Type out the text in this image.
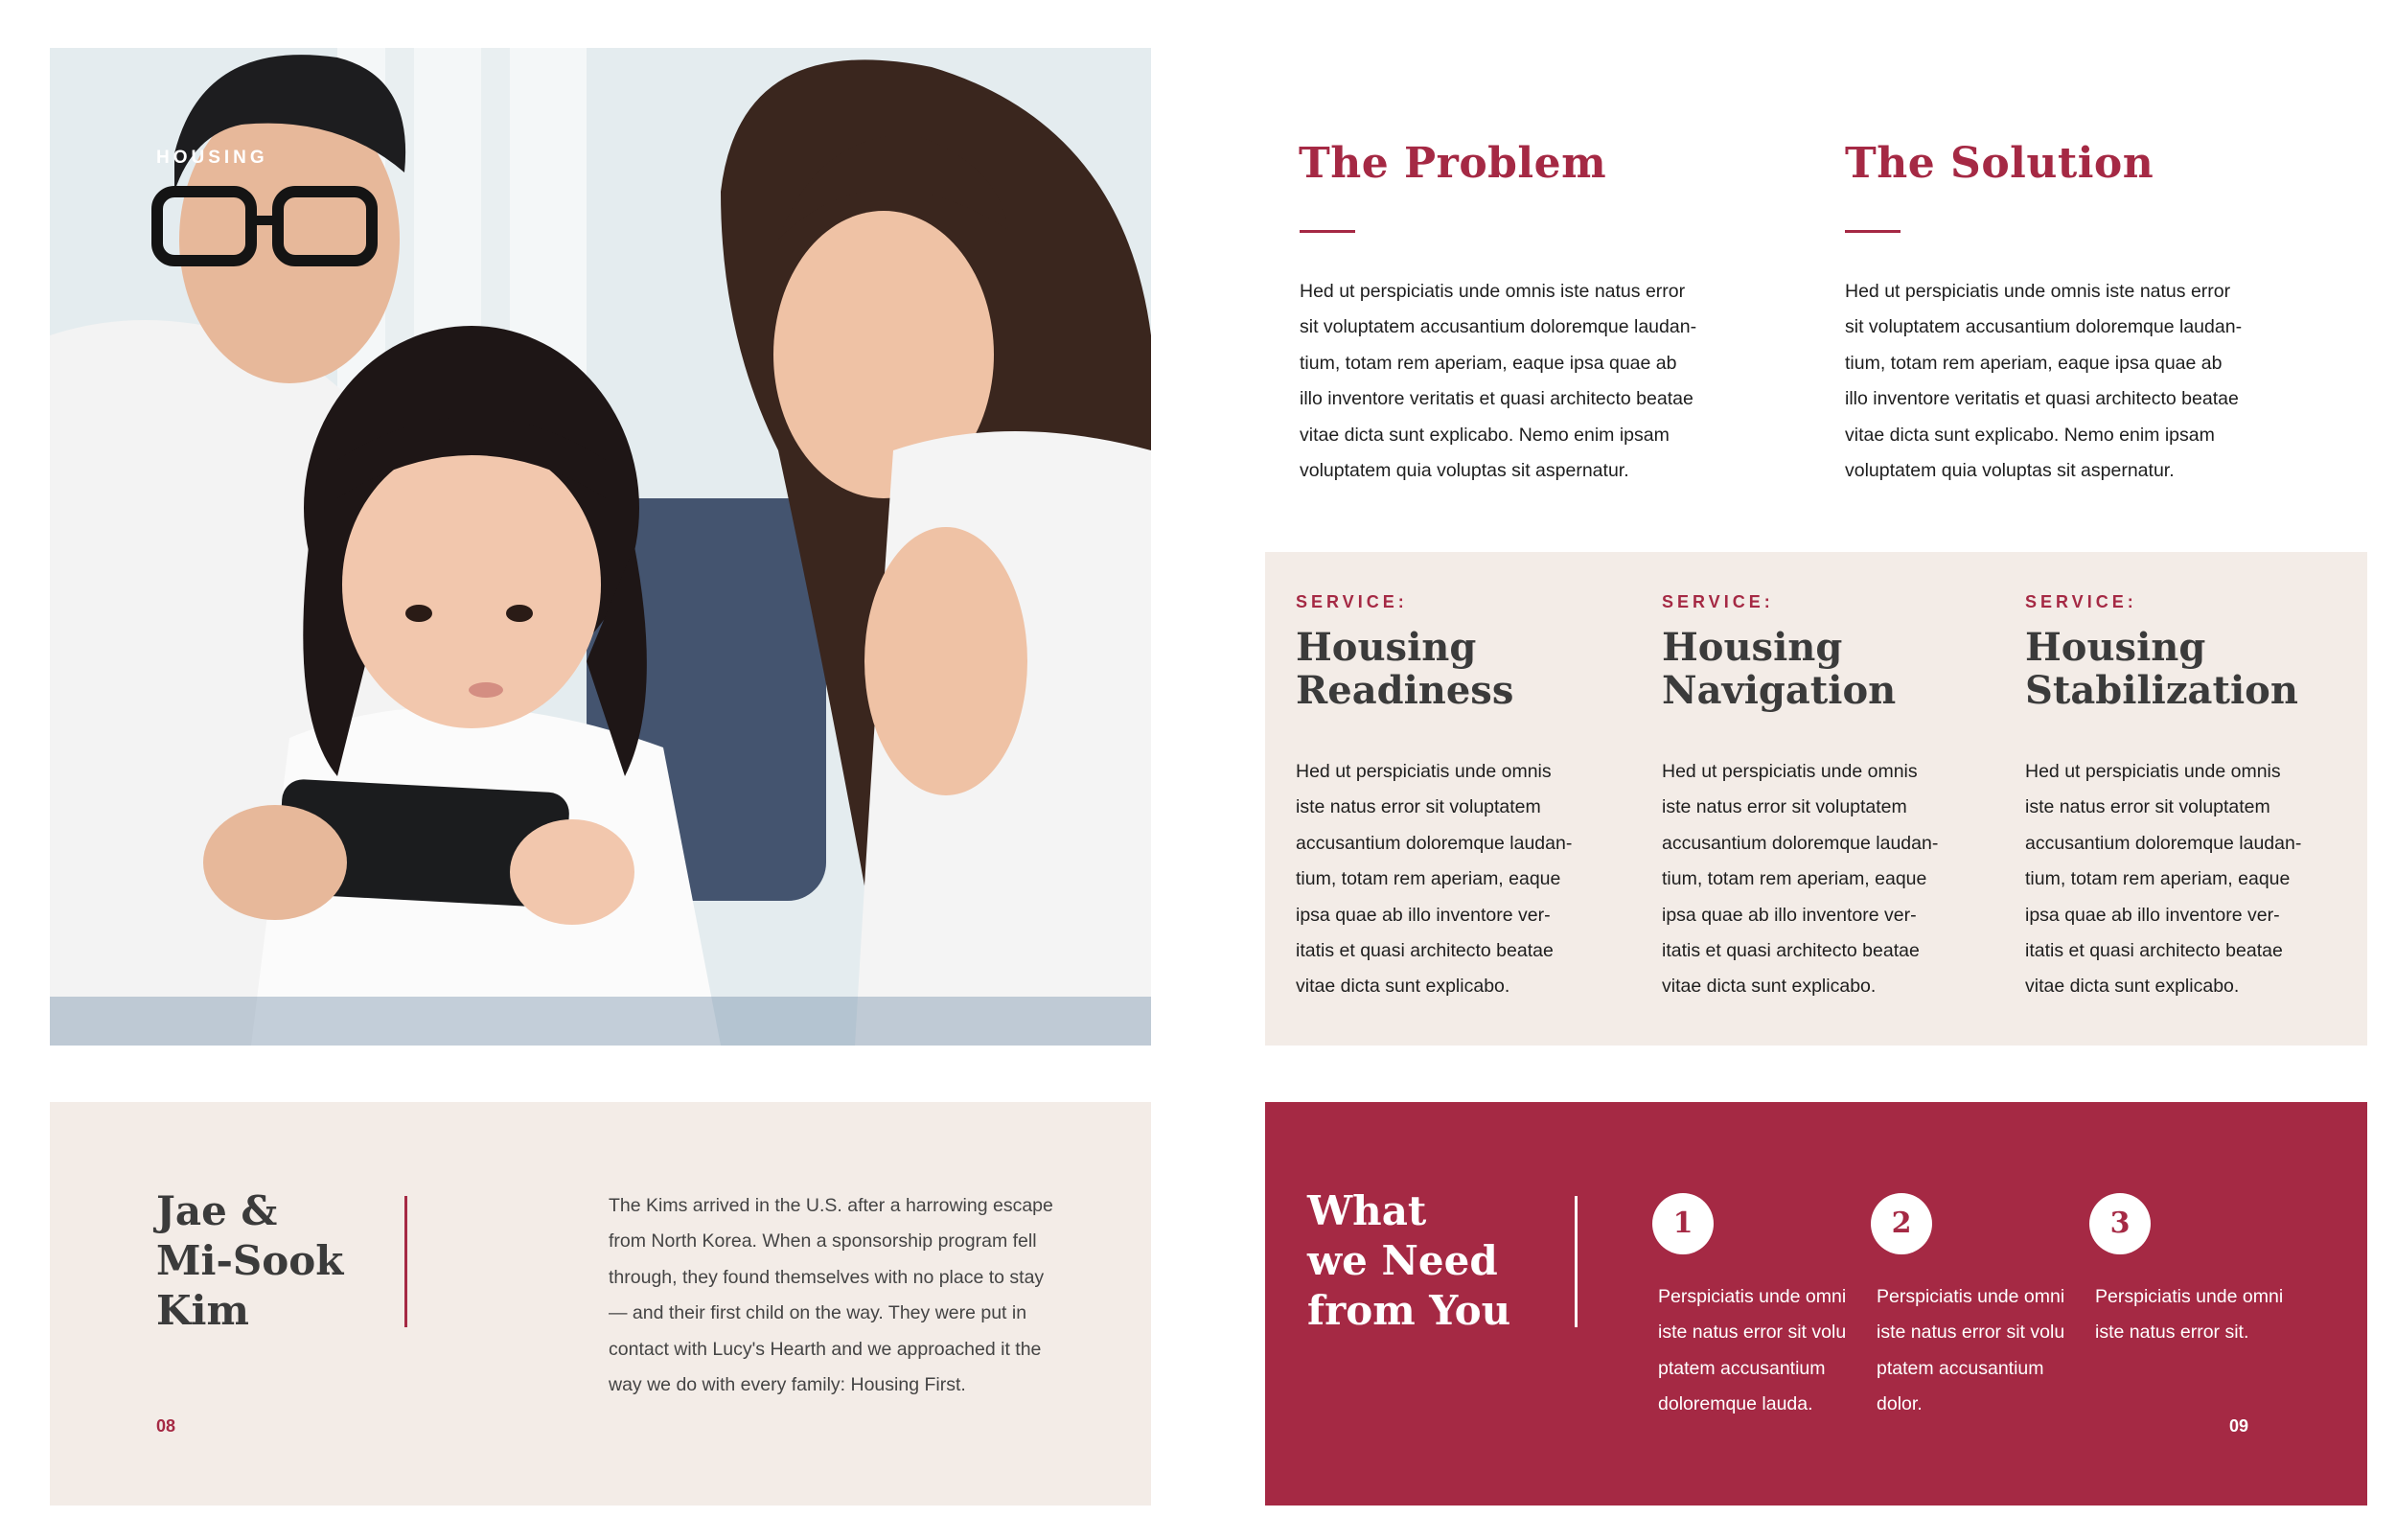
HOUSING	The Problem
Hed ut perspiciatis unde omnis iste natus error
sit voluptatem accusantium doloremque laudan-
tium, totam rem aperiam, eaque ipsa quae ab
illo inventore veritatis et quasi architecto beatae
vitae dicta sunt explicabo. Nemo enim ipsam
voluptatem quia voluptas sit aspernatur.
The Solution
Hed ut perspiciatis unde omnis iste natus error
sit voluptatem accusantium doloremque laudan-
tium, totam rem aperiam, eaque ipsa quae ab
illo inventore veritatis et quasi architecto beatae
vitae dicta sunt explicabo. Nemo enim ipsam
voluptatem quia voluptas sit aspernatur.
SERVICE:
Housing
Readiness
Hed ut perspiciatis unde omnis
iste natus error sit voluptatem
accusantium doloremque laudan-
tium, totam rem aperiam, eaque
ipsa quae ab illo inventore ver-
itatis et quasi architecto beatae
vitae dicta sunt explicabo.
SERVICE:
Housing
Navigation
Hed ut perspiciatis unde omnis
iste natus error sit voluptatem
accusantium doloremque laudan-
tium, totam rem aperiam, eaque
ipsa quae ab illo inventore ver-
itatis et quasi architecto beatae
vitae dicta sunt explicabo.
SERVICE:
Housing
Stabilization
Hed ut perspiciatis unde omnis
iste natus error sit voluptatem
accusantium doloremque laudan-
tium, totam rem aperiam, eaque
ipsa quae ab illo inventore ver-
itatis et quasi architecto beatae
vitae dicta sunt explicabo.
Jae &
Mi-Sook
Kim
The Kims arrived in the U.S. after a harrowing escape
from North Korea. When a sponsorship program fell
through, they found themselves with no place to stay
— and their first child on the way. They were put in
contact with Lucy's Hearth and we approached it the
way we do with every family: Housing First.
08
What
we Need
from You
1
Perspiciatis unde omni
iste natus error sit volu
ptatem accusantium
doloremque lauda.
2
Perspiciatis unde omni
iste natus error sit volu
ptatem accusantium
dolor.
3
Perspiciatis unde omni
iste natus error sit.
09
